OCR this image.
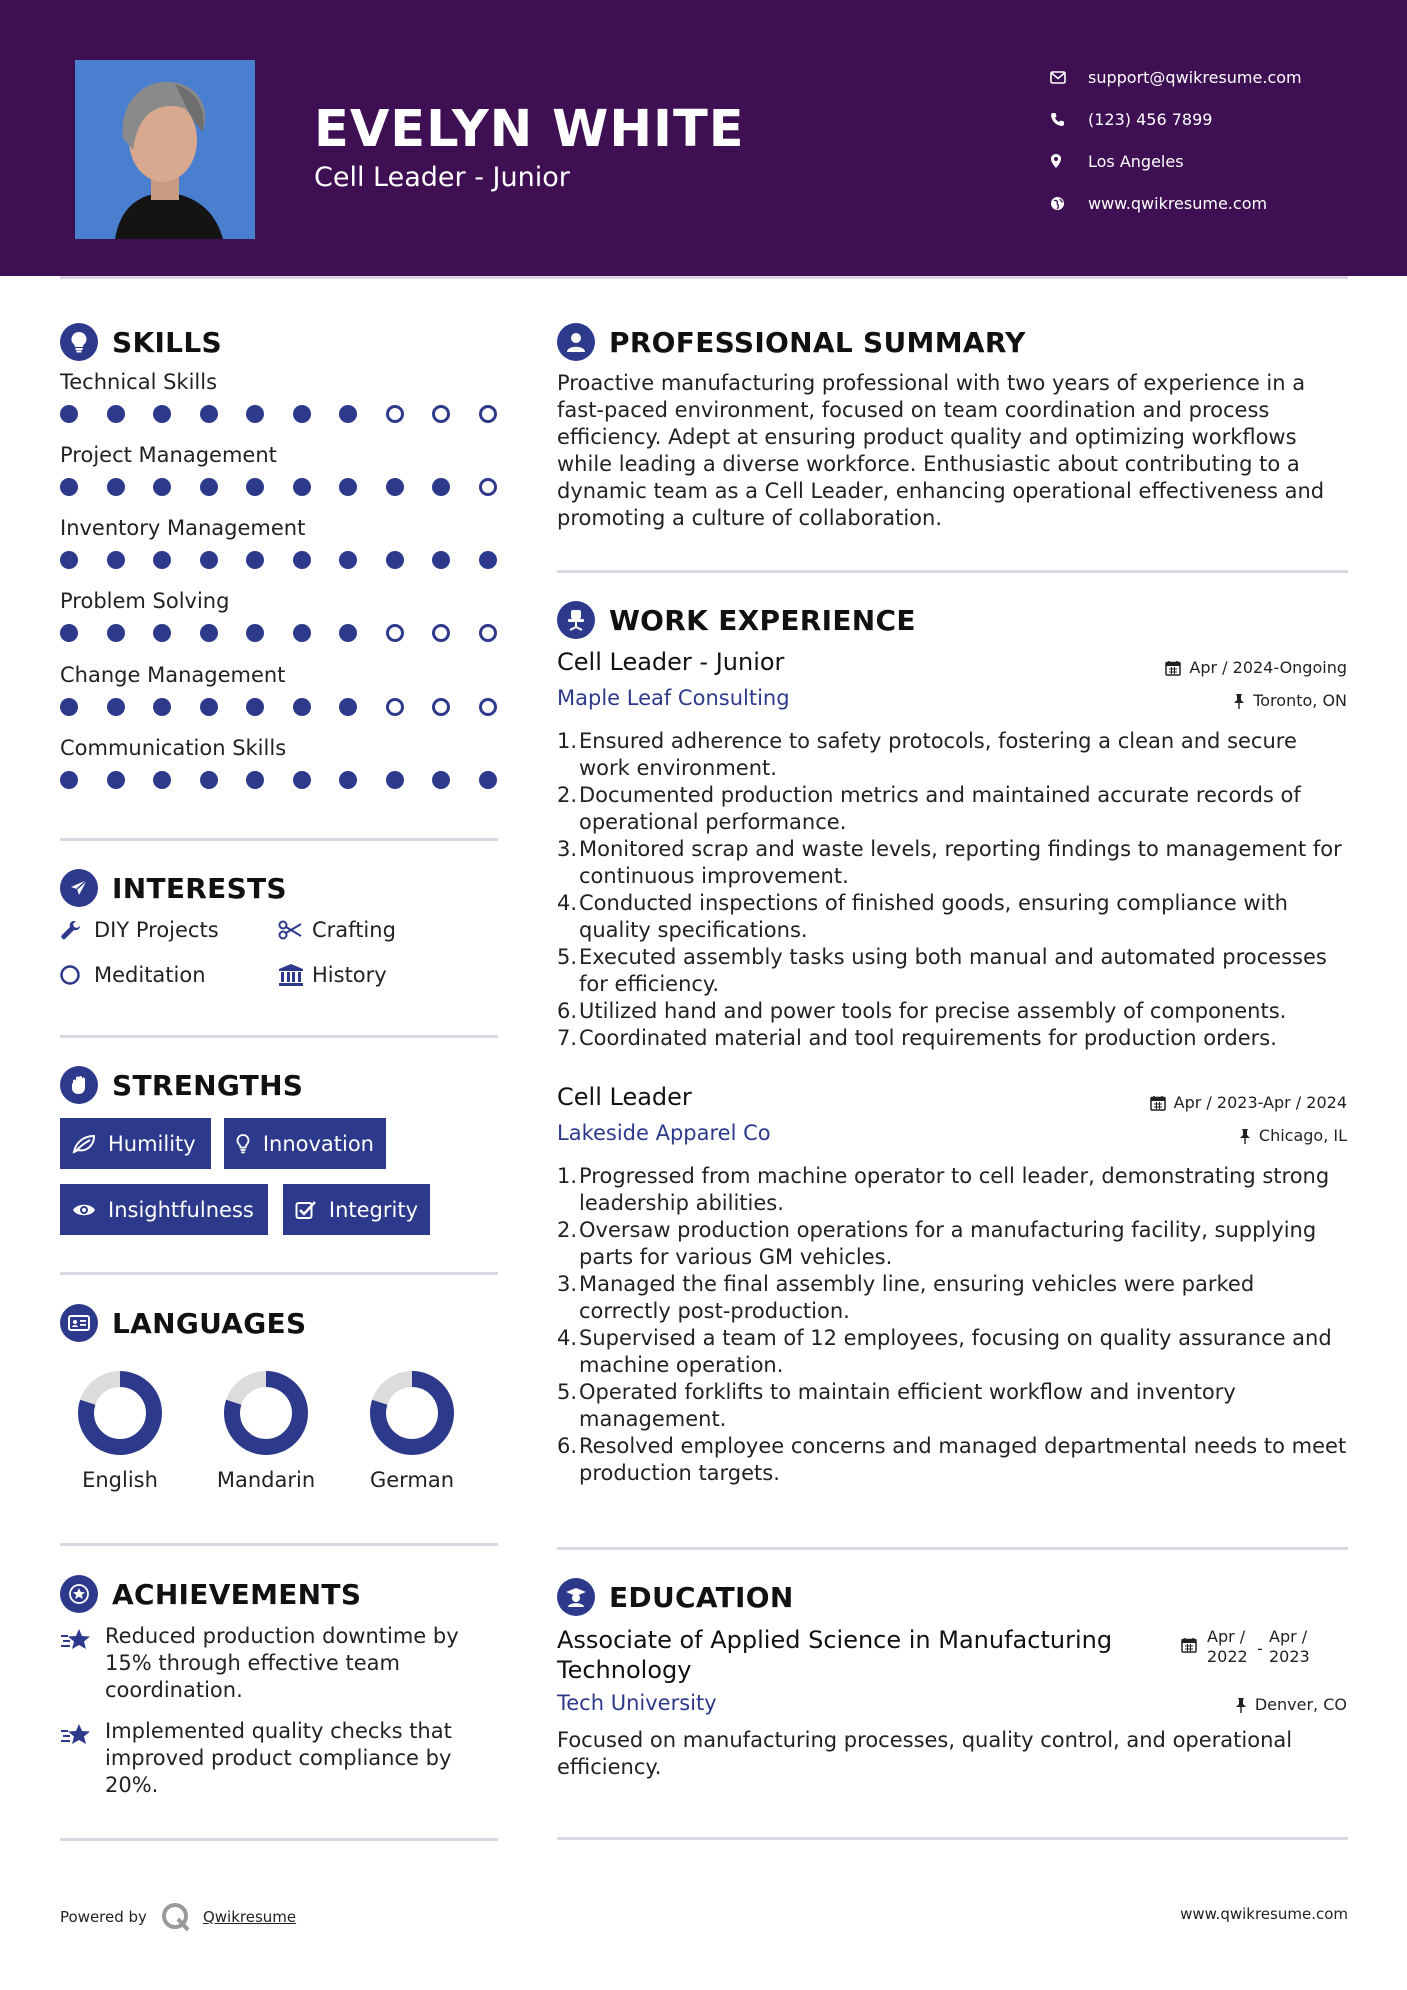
EVELYN WHITE
Cell Leader - Junior
support@qwikresume.com
(123) 456 7899
Los Angeles
www.qwikresume.com
SKILLS
Technical Skills
Project Management
Inventory Management
Problem Solving
Change Management
Communication Skills
INTERESTS
DIY Projects	Crafting
Meditation	History
STRENGTHS
Humility	Innovation
Insightfulness	Integrity
LANGUAGES
English	Mandarin	German
ACHIEVEMENTS
Reduced production downtime by 15% through effective team coordination.
Implemented quality checks that improved product compliance by 20%.
PROFESSIONAL SUMMARY
Proactive manufacturing professional with two years of experience in a fast-paced environment, focused on team coordination and process efficiency. Adept at ensuring product quality and optimizing workflows while leading a diverse workforce. Enthusiastic about contributing to a dynamic team as a Cell Leader, enhancing operational effectiveness and promoting a culture of collaboration.
WORK EXPERIENCE
Cell Leader - Junior	Apr / 2024-Ongoing
Maple Leaf Consulting	Toronto, ON
1 . Ensured adherence to safety protocols, fostering a clean and secure work environment.
2 . Documented production metrics and maintained accurate records of operational performance.
3 . Monitored scrap and waste levels, reporting findings to management for continuous improvement.
4 . Conducted inspections of finished goods, ensuring compliance with quality specifications.
5 . Executed assembly tasks using both manual and automated processes for efficiency.
6 . Utilized hand and power tools for precise assembly of components.
7 . Coordinated material and tool requirements for production orders.
Cell Leader	Apr / 2023-Apr / 2024
Lakeside Apparel Co	Chicago, IL
1 . Progressed from machine operator to cell leader, demonstrating strong leadership abilities.
2 . Oversaw production operations for a manufacturing facility, supplying parts for various GM vehicles.
3 . Managed the final assembly line, ensuring vehicles were parked correctly post-production.
4 . Supervised a team of 12 employees, focusing on quality assurance and machine operation.
5 . Operated forklifts to maintain efficient workflow and inventory management.
6 . Resolved employee concerns and managed departmental needs to meet production targets.
EDUCATION
Associate of Applied Science in Manufacturing Technology
Apr / 2022 -
Apr / 2023
Tech University	Denver, CO
Focused on manufacturing processes, quality control, and operational efficiency.
Powered by	Qwikresume	www.qwikresume.com
